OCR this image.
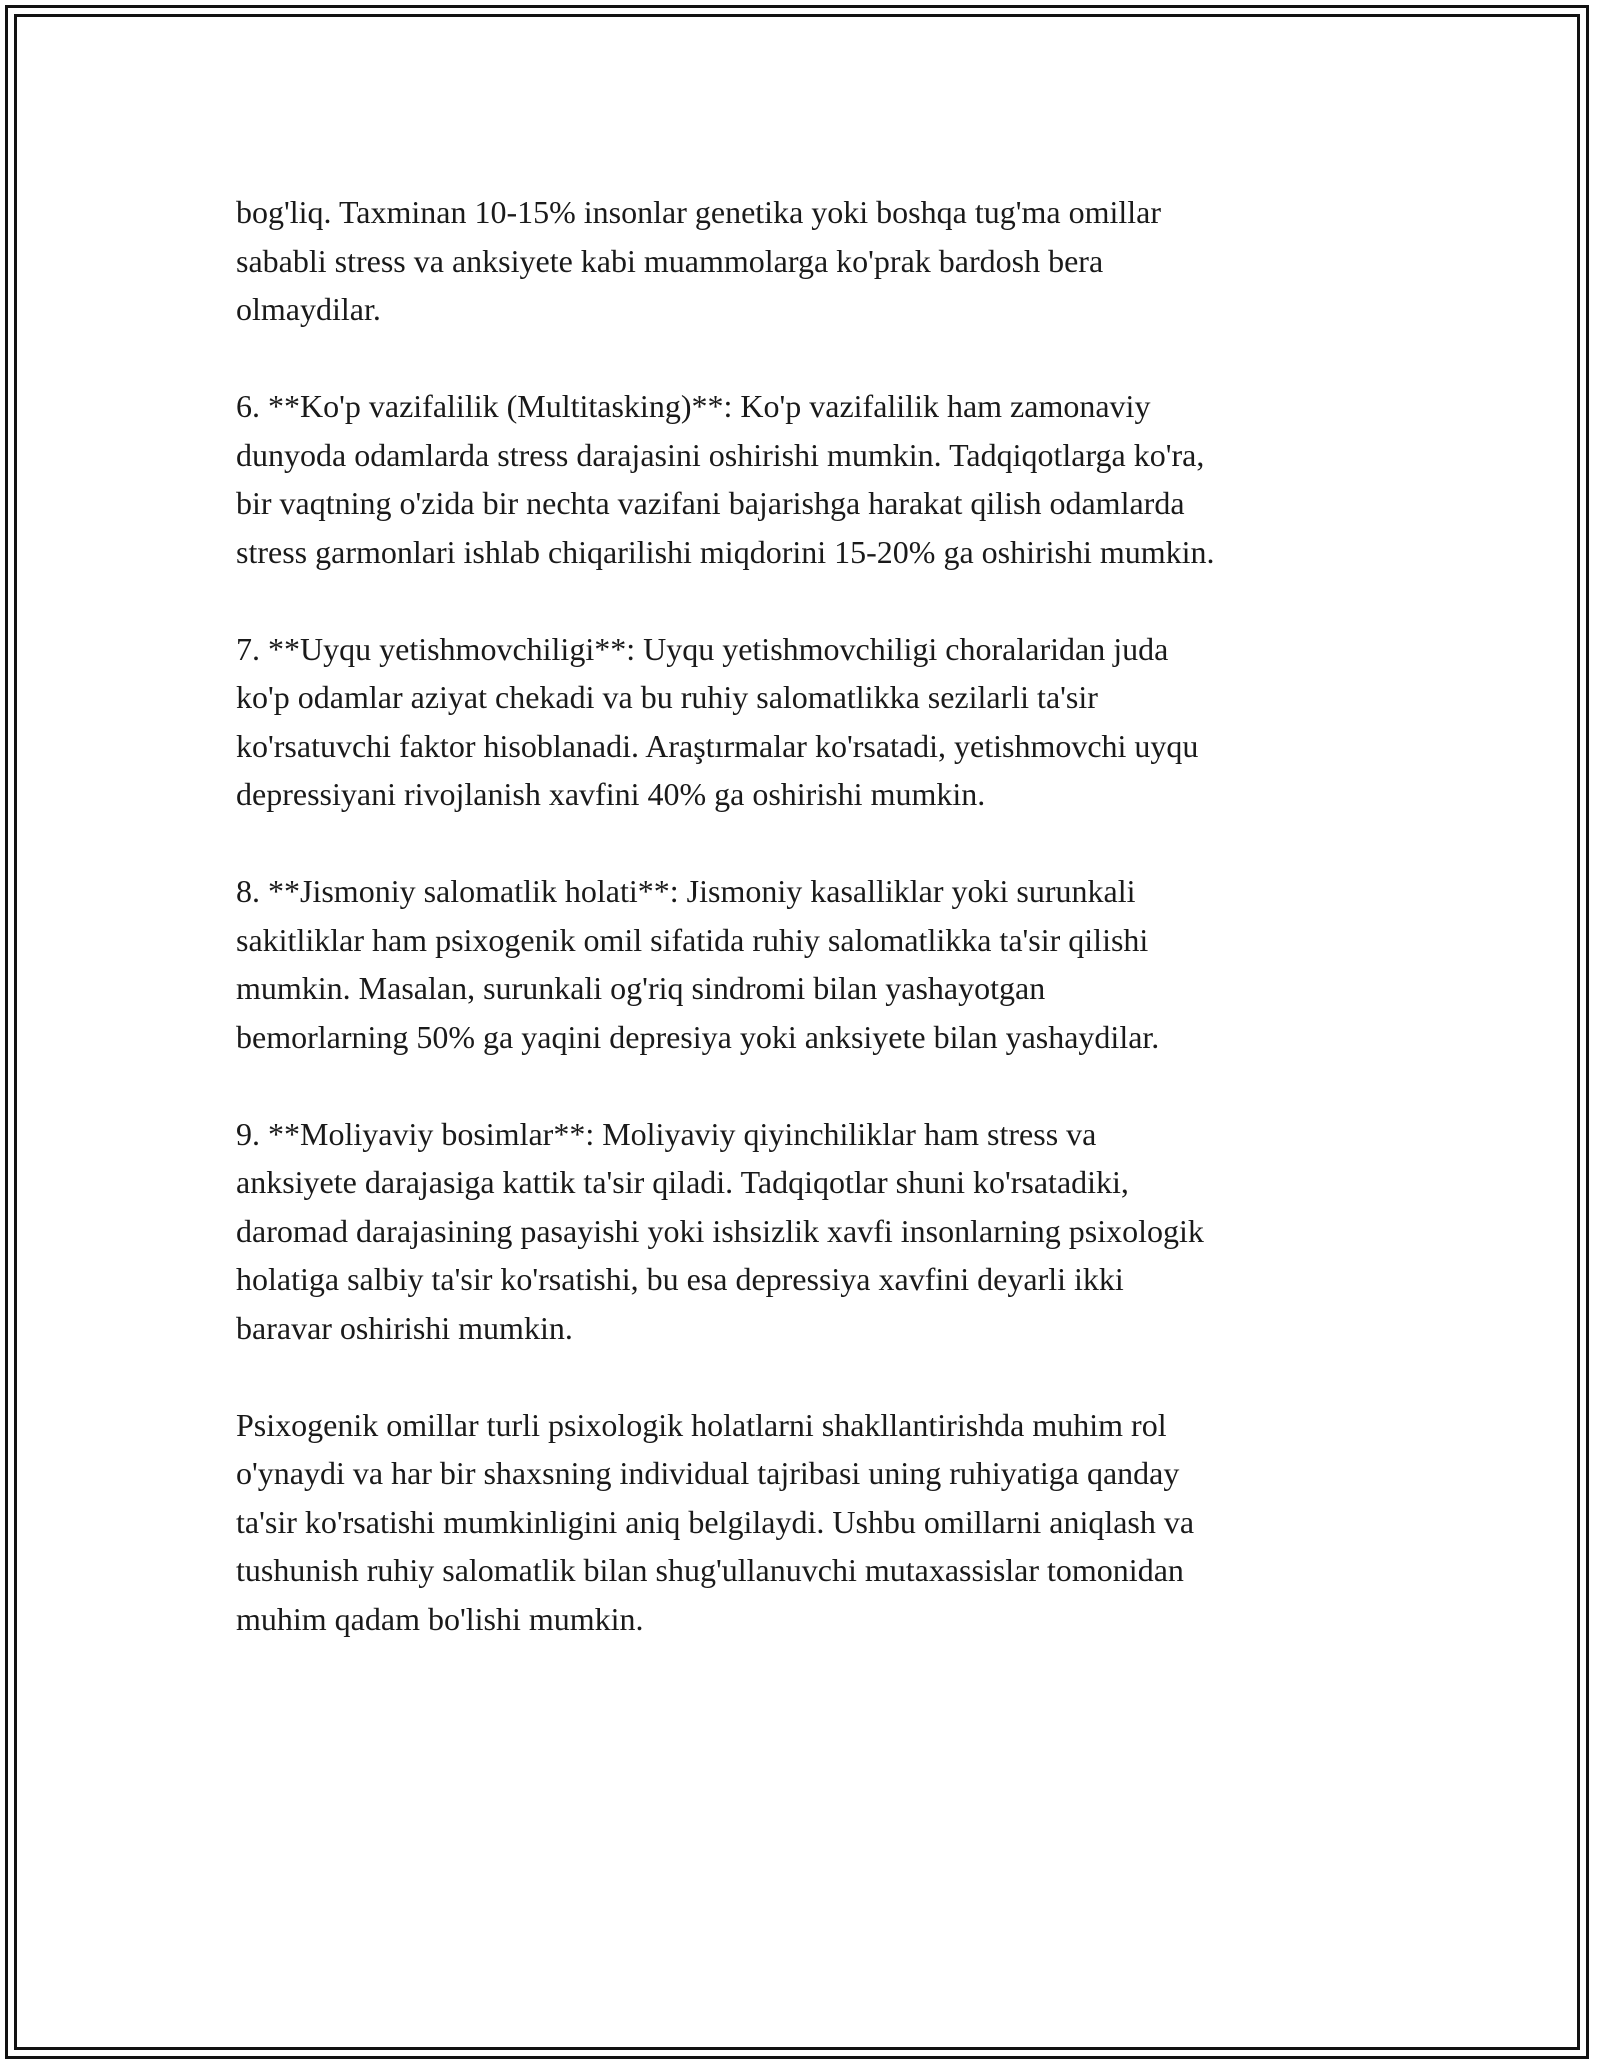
bog'liq. Taxminan 10-15% insonlar genetika yoki boshqa tug'ma omillar
sababli stress va anksiyete kabi muammolarga ko'prak bardosh bera
olmaydilar.

6. **Ko'p vazifalilik (Multitasking)**: Ko'p vazifalilik ham zamonaviy
dunyoda odamlarda stress darajasini oshirishi mumkin. Tadqiqotlarga ko'ra,
bir vaqtning o'zida bir nechta vazifani bajarishga harakat qilish odamlarda
stress garmonlari ishlab chiqarilishi miqdorini 15-20% ga oshirishi mumkin.

7. **Uyqu yetishmovchiligi**: Uyqu yetishmovchiligi choralaridan juda
ko'p odamlar aziyat chekadi va bu ruhiy salomatlikka sezilarli ta'sir
ko'rsatuvchi faktor hisoblanadi. Araştırmalar ko'rsatadi, yetishmovchi uyqu
depressiyani rivojlanish xavfini 40% ga oshirishi mumkin.

8. **Jismoniy salomatlik holati**: Jismoniy kasalliklar yoki surunkali
sakitliklar ham psixogenik omil sifatida ruhiy salomatlikka ta'sir qilishi
mumkin. Masalan, surunkali og'riq sindromi bilan yashayotgan
bemorlarning 50% ga yaqini depresiya yoki anksiyete bilan yashaydilar.

9. **Moliyaviy bosimlar**: Moliyaviy qiyinchiliklar ham stress va
anksiyete darajasiga kattik ta'sir qiladi. Tadqiqotlar shuni ko'rsatadiki,
daromad darajasining pasayishi yoki ishsizlik xavfi insonlarning psixologik
holatiga salbiy ta'sir ko'rsatishi, bu esa depressiya xavfini deyarli ikki
baravar oshirishi mumkin.

Psixogenik omillar turli psixologik holatlarni shakllantirishda muhim rol
o'ynaydi va har bir shaxsning individual tajribasi uning ruhiyatiga qanday
ta'sir ko'rsatishi mumkinligini aniq belgilaydi. Ushbu omillarni aniqlash va
tushunish ruhiy salomatlik bilan shug'ullanuvchi mutaxassislar tomonidan
muhim qadam bo'lishi mumkin.
